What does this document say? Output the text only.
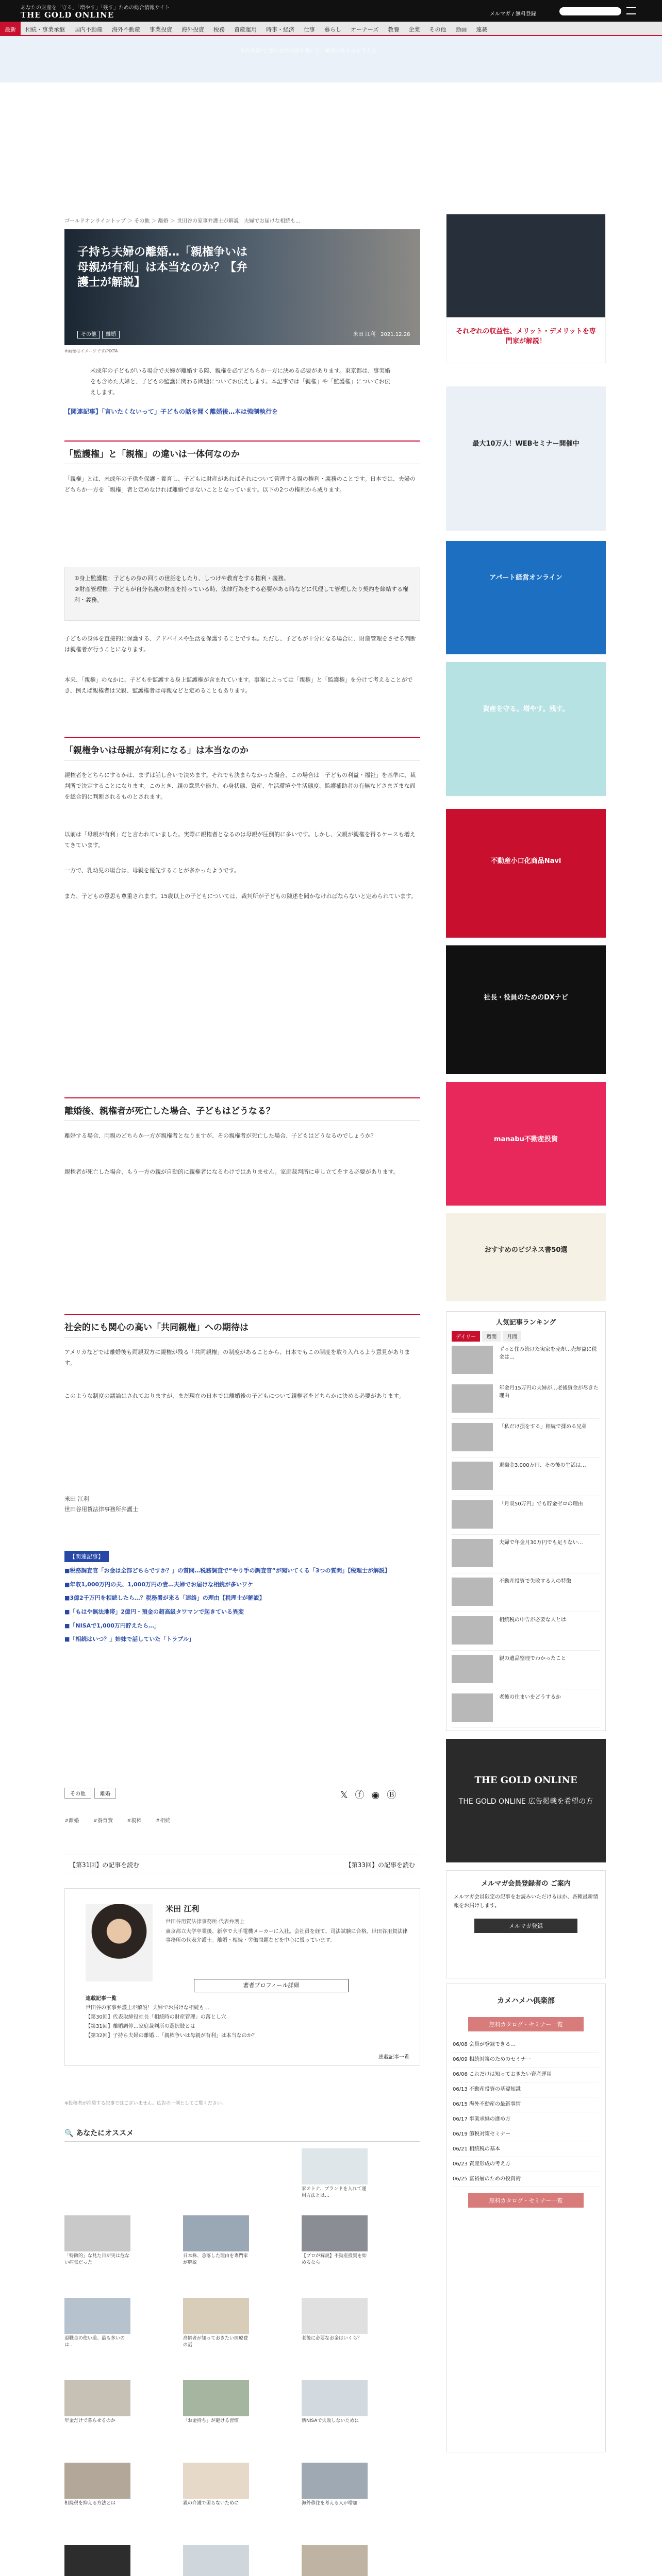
あなたの財産を「守る」「増やす」「残す」ための総合情報サイト
THE GOLD ONLINE	メルマガ / 無料登録
最新 相続・事業承継 国内不動産 海外不動産 事業投資 海外投資 税務 資産運用 時事・経済 仕事 暮らし オーナーズ 教養 企業 その他 動画 連載
“年の差婚”に強い女性の話を聞いて、婚活のあり方を考える
ゴールドオンライントップ ＞ その他 ＞ 離婚 ＞ 世田谷の家事弁護士が解説！夫婦でお届けな相続も...
子持ち夫婦の離婚…「親権争いは母親が有利」は本当なのか？【弁護士が解説】
その他 離婚	米田 江利　 2021.12.28
※画像はイメージです/PIXTA
未成年の子どもがいる場合で夫婦が離婚する際、親権を必ずどちらか一方に決める必要があります。東京都は、事実婚をも含めた夫婦と、子どもの監護に関わる問題についてお伝えします。本記事では「親権」や「監護権」についてお伝えします。
【関連記事】「言いたくないって」子どもの話を聞く離婚後…本は強制執行を
「監護権」と「親権」の違いは一体何なのか
「親権」とは、未成年の子供を保護・養育し、子どもに財産があればそれについて管理する親の権利・義務のことです。日本では、夫婦のどちらか一方を「親権」者と定めなければ離婚できないこととなっています。以下の2つの権利から成ります。
①身上監護権：子どもの身の回りの世話をしたり、しつけや教育をする権利・義務。
②財産管理権：子どもが自分名義の財産を持っている時、法律行為をする必要がある時などに代理して管理したり契約を締結する権利・義務。
子どもの身体を直接的に保護する、アドバイスや生活を保護することですね。ただし、子どもが十分になる場合に、財産管理をさせる判断は親権者が行うことになります。
本来、「親権」のなかに、子どもを監護する身上監護権が含まれています。事案によっては「親権」と「監護権」を分けて考えることができ、例えば親権者は父親、監護権者は母親などと定めることもあります。
「親権争いは母親が有利になる」は本当なのか
親権者をどちらにするかは、まずは話し合いで決めます。それでも決まらなかった場合、この場合は「子どもの利益・福祉」を基準に、裁判所で決定することになります。このとき、親の意思や能力、心身状態、資産、生活環境や生活態度、監護補助者の有無などさまざまな面を総合的に判断されるものとされます。
以前は「母親が有利」だと言われていました。実際に親権者となるのは母親が圧倒的に多いです。しかし、父親が親権を得るケースも増えてきています。
一方で、乳幼児の場合は、母親を優先することが多かったようです。
また、子どもの意思も尊重されます。15歳以上の子どもについては、裁判所が子どもの陳述を聞かなければならないと定められています。
離婚後、親権者が死亡した場合、子どもはどうなる？
離婚する場合、両親のどちらか一方が親権者となりますが、その親権者が死亡した場合、子どもはどうなるのでしょうか？
親権者が死亡した場合、もう一方の親が自動的に親権者になるわけではありません。家庭裁判所に申し立てをする必要があります。
社会的にも関心の高い「共同親権」への期待は
アメリカなどでは離婚後も両親双方に親権が残る「共同親権」の制度があることから、日本でもこの制度を取り入れるよう意見があります。
このような制度の議論はされておりますが、まだ現在の日本では離婚後の子どもについて親権者をどちらかに決める必要があります。
米田 江利
世田谷用賀法律事務所弁護士
【関連記事】
■税務調査官「お金は全部どちらですか？」の質問…税務調査で“やり手の調査官”が聞いてくる「3つの質問」【税理士が解説】
■年収1,000万円の夫、1,000万円の妻…夫婦でお届けな相続が多いワケ
■3億2千万円を相続したら…？税務署が来る「連絡」の理由【税理士が解説】
■「もはや無法地帯」2億円・預金の超高級タワマンで起きている異変
■「NISAで1,000万円貯えたら…」
■「相続はいつ？」姉妹で話していた「トラブル」
その他	離婚	𝕏ⓕ◉Ⓑ
#離婚	#養育費	#親権	#相続
【第31回】の記事を読む	【第33回】の記事を読む
米田 江利
世田谷用賀法律事務所 代表弁護士
東京都立大学卒業後、新卒で大手電機メーカーに入社。会社員を経て、司法試験に合格。世田谷用賀法律事務所の代表弁護士。離婚・相続・労働問題などを中心に扱っています。
著者プロフィール詳細
連載記事一覧
世田谷の家事弁護士が解説！夫婦でお届けな相続も…
【第30回】代表取締役社長「相続時の財産管理」の落とし穴
【第31回】離婚調停…家庭裁判所の選択肢とは
【第32回】子持ち夫婦の離婚…「親権争いは母親が有利」は本当なのか？
連載記事一覧
※投稿者が推奨する記事ではございません。広告の一例としてご覧ください。
🔍 あなたにオススメ
家オトナ、ブランドを入れて運用方法とは…
「特徴的」な見た目が実は危ない病気だった
日本株、急落した理由を専門家が解説
【プロが解説】不動産投資を始めるなら
退職金の使い道、最も多いのは…
高齢者が知っておきたい医療費の話
老後に必要なお金はいくら？
年金だけで暮らせるのか	「お金持ち」が避ける習慣	新NISAで失敗しないために
相続税を抑える方法とは	親の介護で困らないために	海外移住を考える人が増加
それぞれの収益性、メリット・デメリットを専門家が解説！
最大10万人！WEBセミナー開催中
アパート経営オンライン
資産を守る。増やす。残す。
不動産小口化商品Navi
社長・役員のためのDXナビ
manabu不動産投資
おすすめのビジネス書50選
人気記事ランキング
デイリー 週間 月間
ずっと住み続けた実家を売却…売却益に税金は…
年金月15万円の夫婦が…老後資金が尽きた理由
「私だけ損をする」相続で揉める兄弟
退職金3,000万円、その後の生活は…
「月収50万円」でも貯金ゼロの理由
夫婦で年金月30万円でも足りない…
不動産投資で失敗する人の特徴
相続税の申告が必要な人とは
親の遺品整理でわかったこと
老後の住まいをどうするか
THE GOLD ONLINE
THE GOLD ONLINE 広告掲載を希望の方
メルマガ会員登録者の ご案内
メルマガ会員限定の記事をお読みいただけるほか、各種最新情報をお届けします。
メルマガ登録
カメハメハ倶楽部
無料カタログ・セミナー一覧
06/08 会員が登録できる…
06/09 相続対策のためのセミナー
06/06 これだけは知っておきたい資産運用
06/13 不動産投資の基礎知識
06/15 海外不動産の最新事情
06/17 事業承継の進め方
06/19 節税対策セミナー
06/21 相続税の基本
06/23 資産形成の考え方
06/25 富裕層のための投資術
無料カタログ・セミナー一覧
